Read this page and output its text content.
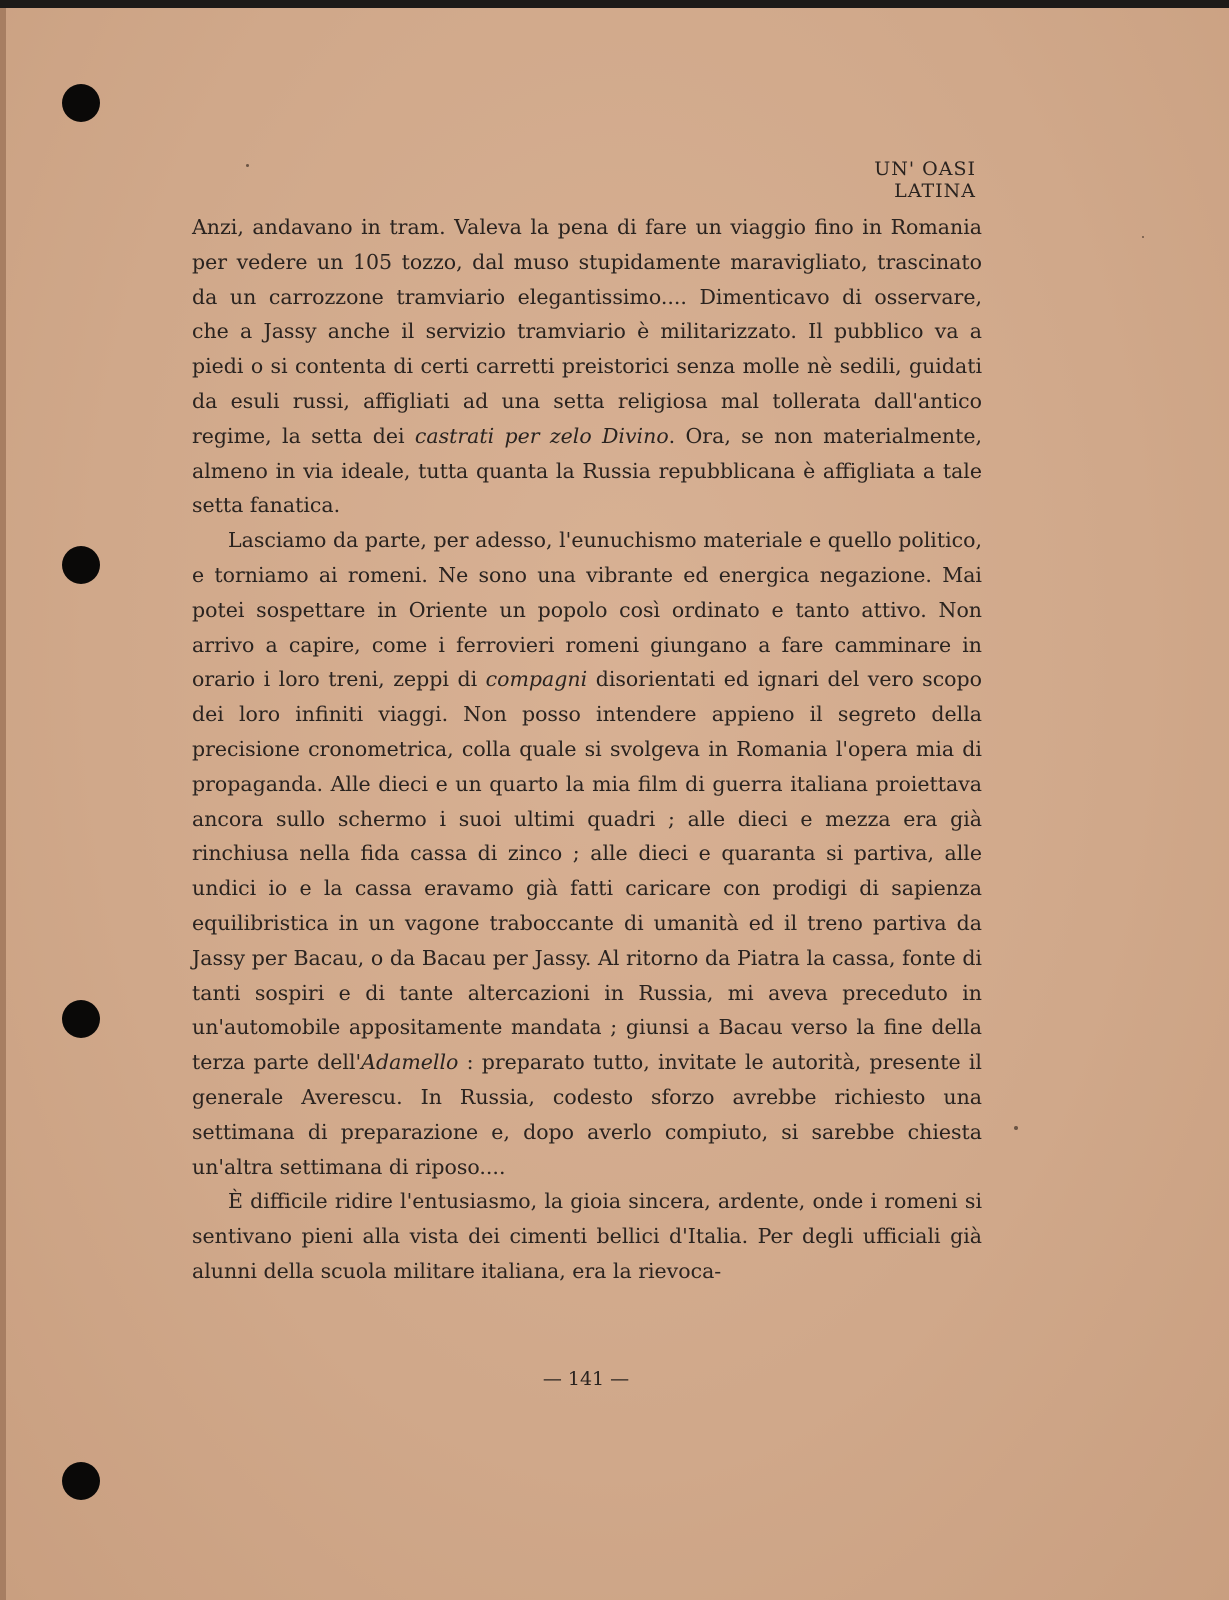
UN' OASI LATINA

Anzi, andavano in tram. Valeva la pena di fare un viaggio fino in Romania per vedere un 105 tozzo, dal muso stupidamente maravigliato, trascinato da un carrozzone tramviario elegantissimo.... Dimenticavo di osservare, che a Jassy anche il servizio tramviario è militarizzato. Il pubblico va a piedi o si contenta di certi carretti preistorici senza molle nè sedili, guidati da esuli russi, affigliati ad una setta religiosa mal tollerata dall'antico regime, la setta dei castrati per zelo Divino. Ora, se non materialmente, almeno in via ideale, tutta quanta la Russia repubblicana è affigliata a tale setta fanatica.

Lasciamo da parte, per adesso, l'eunuchismo materiale e quello politico, e torniamo ai romeni. Ne sono una vibrante ed energica negazione. Mai potei sospettare in Oriente un popolo così ordinato e tanto attivo. Non arrivo a capire, come i ferrovieri romeni giungano a fare camminare in orario i loro treni, zeppi di compagni disorientati ed ignari del vero scopo dei loro infiniti viaggi. Non posso intendere appieno il segreto della precisione cronometrica, colla quale si svolgeva in Romania l'opera mia di propaganda. Alle dieci e un quarto la mia film di guerra italiana proiettava ancora sullo schermo i suoi ultimi quadri ; alle dieci e mezza era già rinchiusa nella fida cassa di zinco ; alle dieci e quaranta si partiva, alle undici io e la cassa eravamo già fatti caricare con prodigi di sapienza equilibristica in un vagone traboccante di umanità ed il treno partiva da Jassy per Bacau, o da Bacau per Jassy. Al ritorno da Piatra la cassa, fonte di tanti sospiri e di tante altercazioni in Russia, mi aveva preceduto in un'automobile appositamente mandata ; giunsi a Bacau verso la fine della terza parte dell'Adamello : preparato tutto, invitate le autorità, presente il generale Averescu. In Russia, codesto sforzo avrebbe richiesto una settimana di preparazione e, dopo averlo compiuto, si sarebbe chiesta un'altra settimana di riposo....

È difficile ridire l'entusiasmo, la gioia sincera, ardente, onde i romeni si sentivano pieni alla vista dei cimenti bellici d'Italia. Per degli ufficiali già alunni della scuola militare italiana, era la rievoca-

— 141 —
